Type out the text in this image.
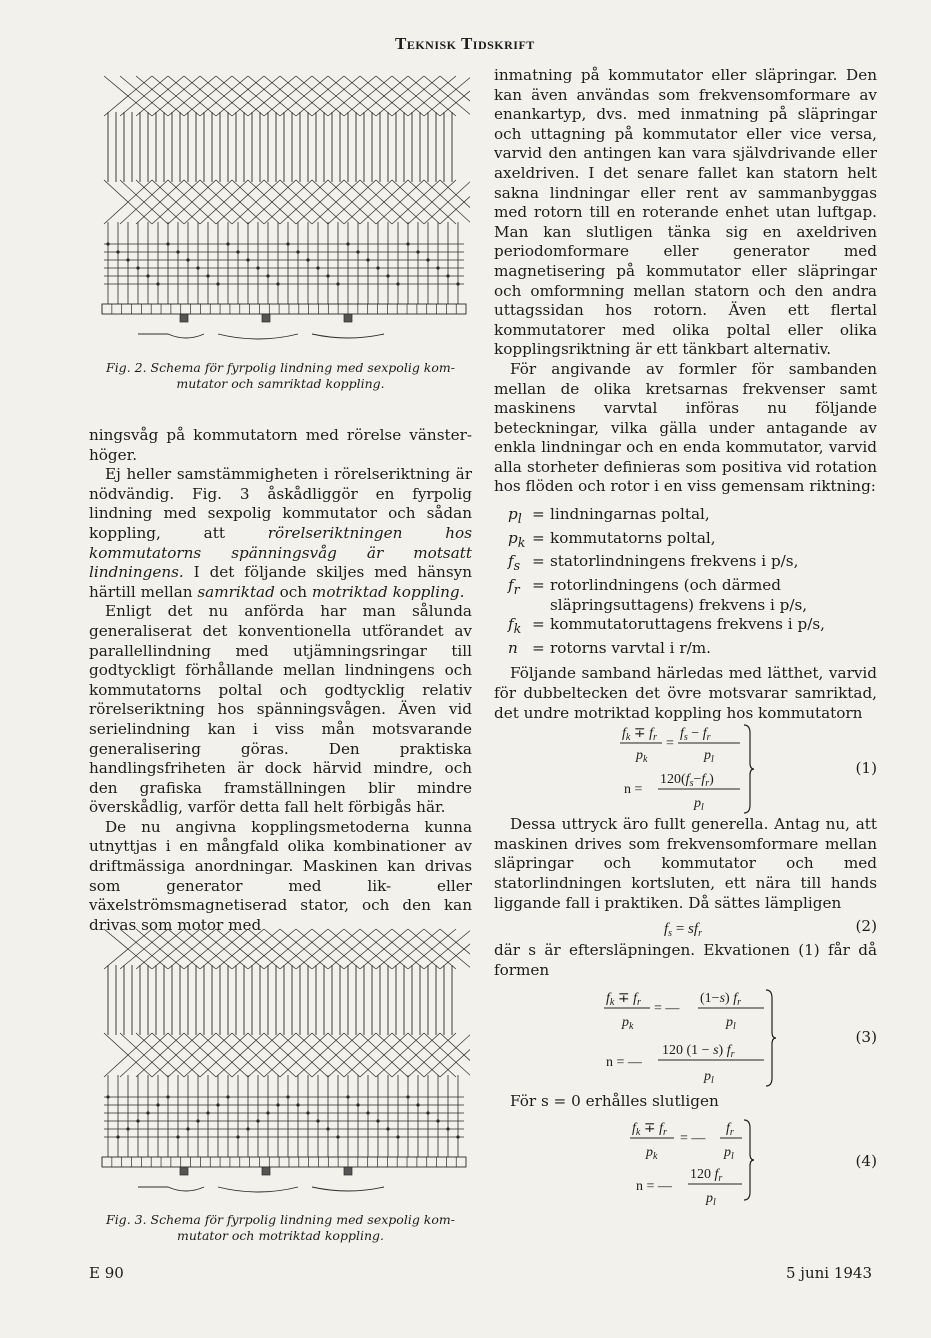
Teknisk Tidskrift
Fig. 2. Schema för fyrpolig lindning med sexpolig kom-
mutator och samriktad koppling.

ningsvåg på kommutatorn med rörelse vänster-höger.

Ej heller samstämmigheten i rörelseriktning är nödvändig. Fig. 3 åskådliggör en fyrpolig lindning med sexpolig kommutator och sådan koppling, att rörelseriktningen hos kommutatorns spänningsvåg är motsatt lindningens. I det följande skiljes med hänsyn härtill mellan samriktad och motriktad koppling.

Enligt det nu anförda har man sålunda generaliserat det konventionella utförandet av parallellindning med utjämningsringar till godtyckligt förhållande mellan lindningens och kommutatorns poltal och godtycklig relativ rörelseriktning hos spänningsvågen. Även vid serielindning kan i viss mån motsvarande generalisering göras. Den praktiska handlingsfriheten är dock härvid mindre, och den grafiska framställningen blir mindre överskådlig, varför detta fall helt förbigås här.

De nu angivna kopplingsmetoderna kunna utnyttjas i en mångfald olika kombinationer av driftmässiga anordningar. Maskinen kan drivas som generator med lik- eller växelströmsmagnetiserad stator, och den kan drivas som motor med

Fig. 3. Schema för fyrpolig lindning med sexpolig kom-
mutator och motriktad koppling.

inmatning på kommutator eller släpringar. Den kan även användas som frekvensomformare av enankartyp, dvs. med inmatning på släpringar och uttagning på kommutator eller vice versa, varvid den antingen kan vara självdrivande eller axeldriven. I det senare fallet kan statorn helt sakna lindningar eller rent av sammanbyggas med rotorn till en roterande enhet utan luftgap. Man kan slutligen tänka sig en axeldriven periodomformare eller generator med magnetisering på kommutator eller släpringar och omformning mellan statorn och den andra uttagssidan hos rotorn. Även ett flertal kommutatorer med olika poltal eller olika kopplingsriktning är ett tänkbart alternativ.

För angivande av formler för sambanden mellan de olika kretsarnas frekvenser samt maskinens varvtal införas nu följande beteckningar, vilka gälla under antagande av enkla lindningar och en enda kommutator, varvid alla storheter definieras som positiva vid rotation hos flöden och rotor i en viss gemensam riktning:

$p_l$ = lindningarnas poltal,
$p_k$ = kommutatorns poltal,
$f_s$ = statorlindningens frekvens i p/s,
$f_r$ = rotorlindningens (och därmed släpringsuttagens) frekvens i p/s,
$f_k$ = kommutatoruttagens frekvens i p/s,
n = rotorns varvtal i r/m.

Följande samband härledas med lätthet, varvid för dubbeltecken det övre motsvarar samriktad, det undre motriktad koppling hos kommutatorn

$f_k \mp f_r$
$p_k$
=
$f_s - f_r$
$p_l$
n =
$120(f_s-f_r)$
$p_l$
(1)

Dessa uttryck äro fullt generella. Antag nu, att maskinen drives som frekvensomformare mellan släpringar och kommutator och med statorlindningen kortsluten, ett nära till hands liggande fall i praktiken. Då sättes lämpligen

$f_s = sf_r$	(2)

där s är eftersläpningen. Ekvationen (1) får då formen

$f_k \mp f_r$
$p_k$
= —
(1−s) $f_r$
$p_l$
n = —
120 (1 − s) $f_r$
$p_l$
(3)

För s = 0 erhålles slutligen

$f_k \mp f_r$
$p_k$
= —
$f_r$
$p_l$
n = —
120 $f_r$
$p_l$
(4)
E 90	5 juni 1943
